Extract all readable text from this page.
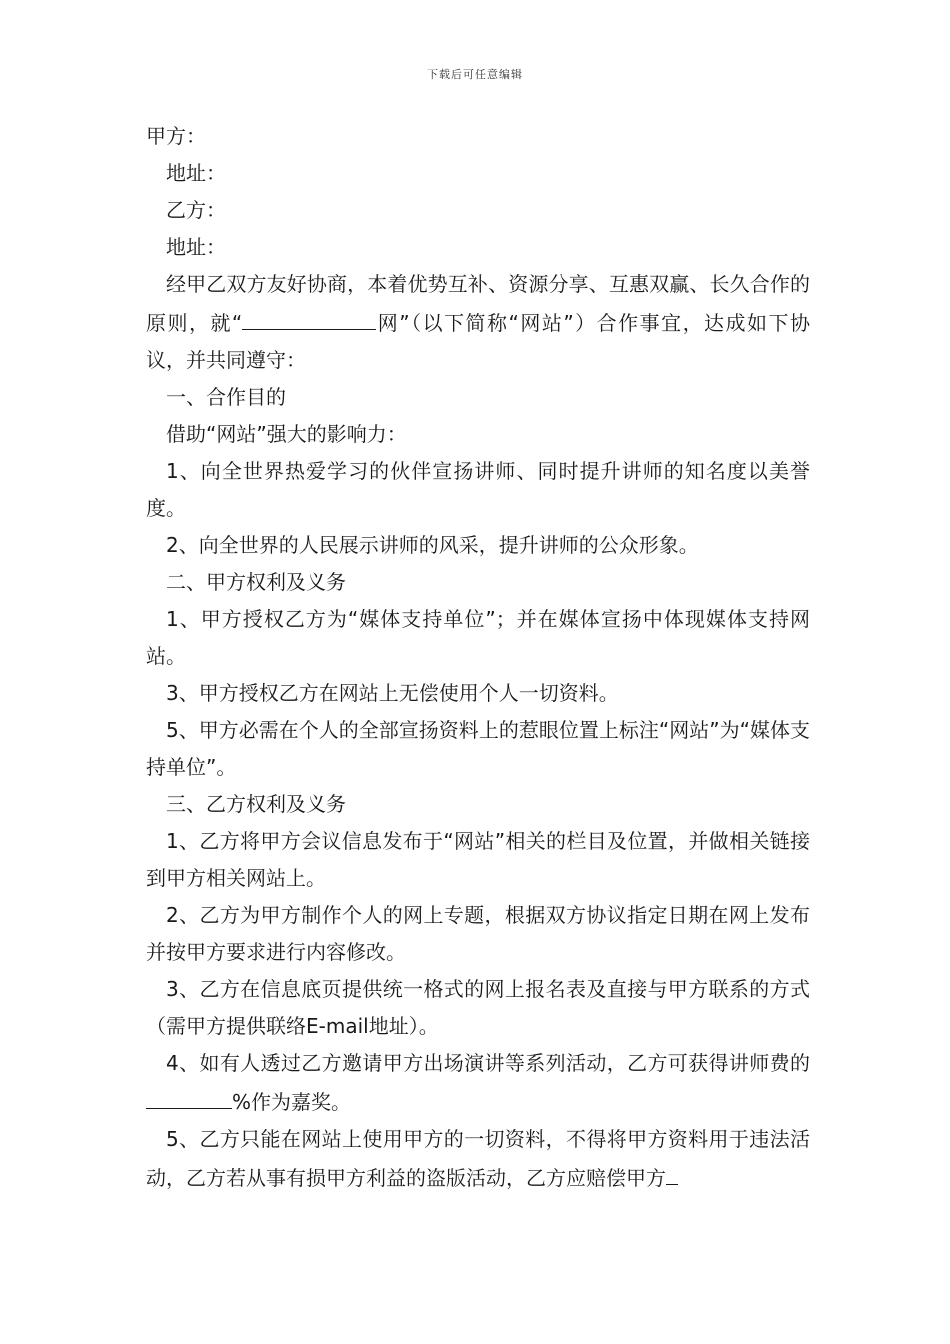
下载后可任意编辑

甲方：

地址：

乙方：

地址：

经甲乙双方友好协商，本着优势互补、资源分享、互惠双赢、长久合作的原则，就“	网”（以下简称“网站”）合作事宜，达成如下协议，并共同遵守：

一、合作目的

借助“网站”强大的影响力：

1、向全世界热爱学习的伙伴宣扬讲师、同时提升讲师的知名度以美誉度。

2、向全世界的人民展示讲师的风采，提升讲师的公众形象。

二、甲方权利及义务

1、甲方授权乙方为“媒体支持单位”；并在媒体宣扬中体现媒体支持网站。

3、甲方授权乙方在网站上无偿使用个人一切资料。

5、甲方必需在个人的全部宣扬资料上的惹眼位置上标注“网站”为“媒体支持单位”。

三、乙方权利及义务

1、乙方将甲方会议信息发布于“网站”相关的栏目及位置，并做相关链接到甲方相关网站上。

2、乙方为甲方制作个人的网上专题，根据双方协议指定日期在网上发布并按甲方要求进行内容修改。

3、乙方在信息底页提供统一格式的网上报名表及直接与甲方联系的方式（需甲方提供联络E-mail地址）。

4、如有人透过乙方邀请甲方出场演讲等系列活动，乙方可获得讲师费的%作为嘉奖。

5、乙方只能在网站上使用甲方的一切资料，不得将甲方资料用于违法活动，乙方若从事有损甲方利益的盗版活动，乙方应赔偿甲方
